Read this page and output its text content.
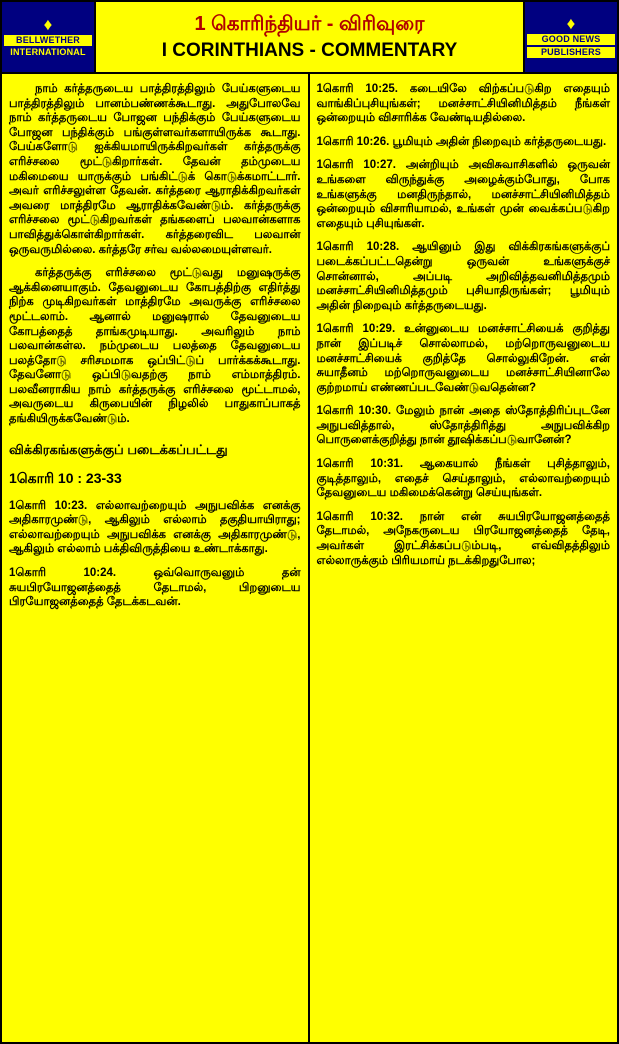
♦
BELLWETHER
INTERNATIONAL
1 கொரிந்தியர் - விரிவுரை
I CORINTHIANS - COMMENTARY
♦
GOOD NEWS
PUBLISHERS

நாம் கர்த்தருடைய பாத்திரத்திலும் பேய்களுடைய பாத்திரத்திலும் பானம்பண்ணக்கூடாது. அதுபோலவே நாம் கர்த்தருடைய போஜன பந்திக்கும் பேய்களுடைய போஜன பந்திக்கும் பங்குள்ளவர்களாயிருக்க கூடாது. பேய்களோடு ஐக்கியமாயிருக்கிறவர்கள் கர்த்தருக்கு எரிச்சலை மூட்டுகிறார்கள். தேவன் தம்முடைய மகிமையை யாருக்கும் பங்கிட்டுக் கொடுக்கமாட்டார். அவர் எரிச்சலுள்ள தேவன். கர்த்தரை ஆராதிக்கிறவர்கள் அவரை மாத்திரமே ஆராதிக்கவேண்டும். கர்த்தருக்கு எரிச்சலை மூட்டுகிறவர்கள் தங்களைப் பலவான்களாக பாவித்துக்கொள்கிறார்கள். கர்த்தரைவிட பலவான் ஒருவருமில்லை. கர்த்தரே சர்வ வல்லமையுள்ளவர்.

கர்த்தருக்கு எரிச்சலை மூட்டுவது மனுஷருக்கு ஆக்கினையாகும். தேவனுடைய கோபத்திற்கு எதிர்த்து நிற்க முடிகிறவர்கள் மாத்திரமே அவருக்கு எரிச்சலை மூட்டலாம். ஆனால் மனுஷரால் தேவனுடைய கோபத்தைத் தாங்கமுடியாது. அவரிலும் நாம் பலவான்கள்ல. நம்முடைய பலத்தை தேவனுடைய பலத்தோடு சரிசமமாக ஒப்பிட்டுப் பார்க்கக்கூடாது. தேவனோடு ஒப்பிடுவதற்கு நாம் எம்மாத்திரம். பலவீனராகிய நாம் கர்த்தருக்கு எரிச்சலை மூட்டாமல், அவருடைய கிருபையின் நிழலில் பாதுகாப்பாகத் தங்கியிருக்கவேண்டும்.

விக்கிரகங்களுக்குப் படைக்கப்பட்டது
1கொரி 10 : 23-33

1கொரி 10:23. எல்லாவற்றையும் அநுபவிக்க எனக்கு அதிகாரமுண்டு, ஆகிலும் எல்லாம் தகுதியாயிராது; எல்லாவற்றையும் அநுபவிக்க எனக்கு அதிகாரமுண்டு, ஆகிலும் எல்லாம் பக்திவிருத்தியை உண்டாக்காது.

1கொரி 10:24. ஒவ்வொருவனும் தன் சுயபிரயோஜனத்தைத் தேடாமல், பிறனுடைய பிரயோஜனத்தைத் தேடக்கடவன்.

1கொரி 10:25. கடையிலே விற்கப்படுகிற எதையும் வாங்கிப்புசியுங்கள்; மனச்சாட்சியினிமித்தம் நீங்கள் ஒன்றையும் விசாரிக்க வேண்டியதில்லை.

1கொரி 10:26. பூமியும் அதின் நிறைவும் கர்த்தருடையது.

1கொரி 10:27. அன்றியும் அவிசுவாசிகளில் ஒருவன் உங்களை விருந்துக்கு அழைக்கும்போது, போக உங்களுக்கு மனதிருந்தால், மனச்சாட்சியினிமித்தம் ஒன்றையும் விசாரியாமல், உங்கள் முன் வைக்கப்படுகிற எதையும் புசியுங்கள்.

1கொரி 10:28. ஆயினும் இது விக்கிரகங்களுக்குப் படைக்கப்பட்டதென்று ஒருவன் உங்களுக்குச் சொன்னால், அப்படி அறிவித்தவனிமித்தமும் மனச்சாட்சியினிமித்தமும் புசியாதிருங்கள்; பூமியும் அதின் நிறைவும் கர்த்தருடையது.

1கொரி 10:29. உன்னுடைய மனச்சாட்சியைக் குறித்து நான் இப்படிச் சொல்லாமல், மற்றொருவனுடைய மனச்சாட்சியைக் குறித்தே சொல்லுகிறேன். என் சுயாதீனம் மற்றொருவனுடைய மனச்சாட்சியினாலே குற்றமாய் எண்ணப்படவேண்டுவதென்ன?

1கொரி 10:30. மேலும் நான் அதை ஸ்தோத்திரிப்புடனே அநுபவித்தால், ஸ்தோத்திரித்து அநுபவிக்கிற பொருளைக்குறித்து நான் தூஷிக்கப்படுவானேன்?

1கொரி 10:31. ஆகையால் நீங்கள் புசித்தாலும், குடித்தாலும், எதைச் செய்தாலும், எல்லாவற்றையும் தேவனுடைய மகிமைக்கென்று செய்யுங்கள்.

1கொரி 10:32. நான் என் சுயபிரயோஜனத்தைத் தேடாமல், அநேகருடைய பிரயோஜனத்தைத் தேடி, அவர்கள் இரட்சிக்கப்படும்படி, எவ்விதத்திலும் எல்லாருக்கும் பிரியமாய் நடக்கிறதுபோல;
